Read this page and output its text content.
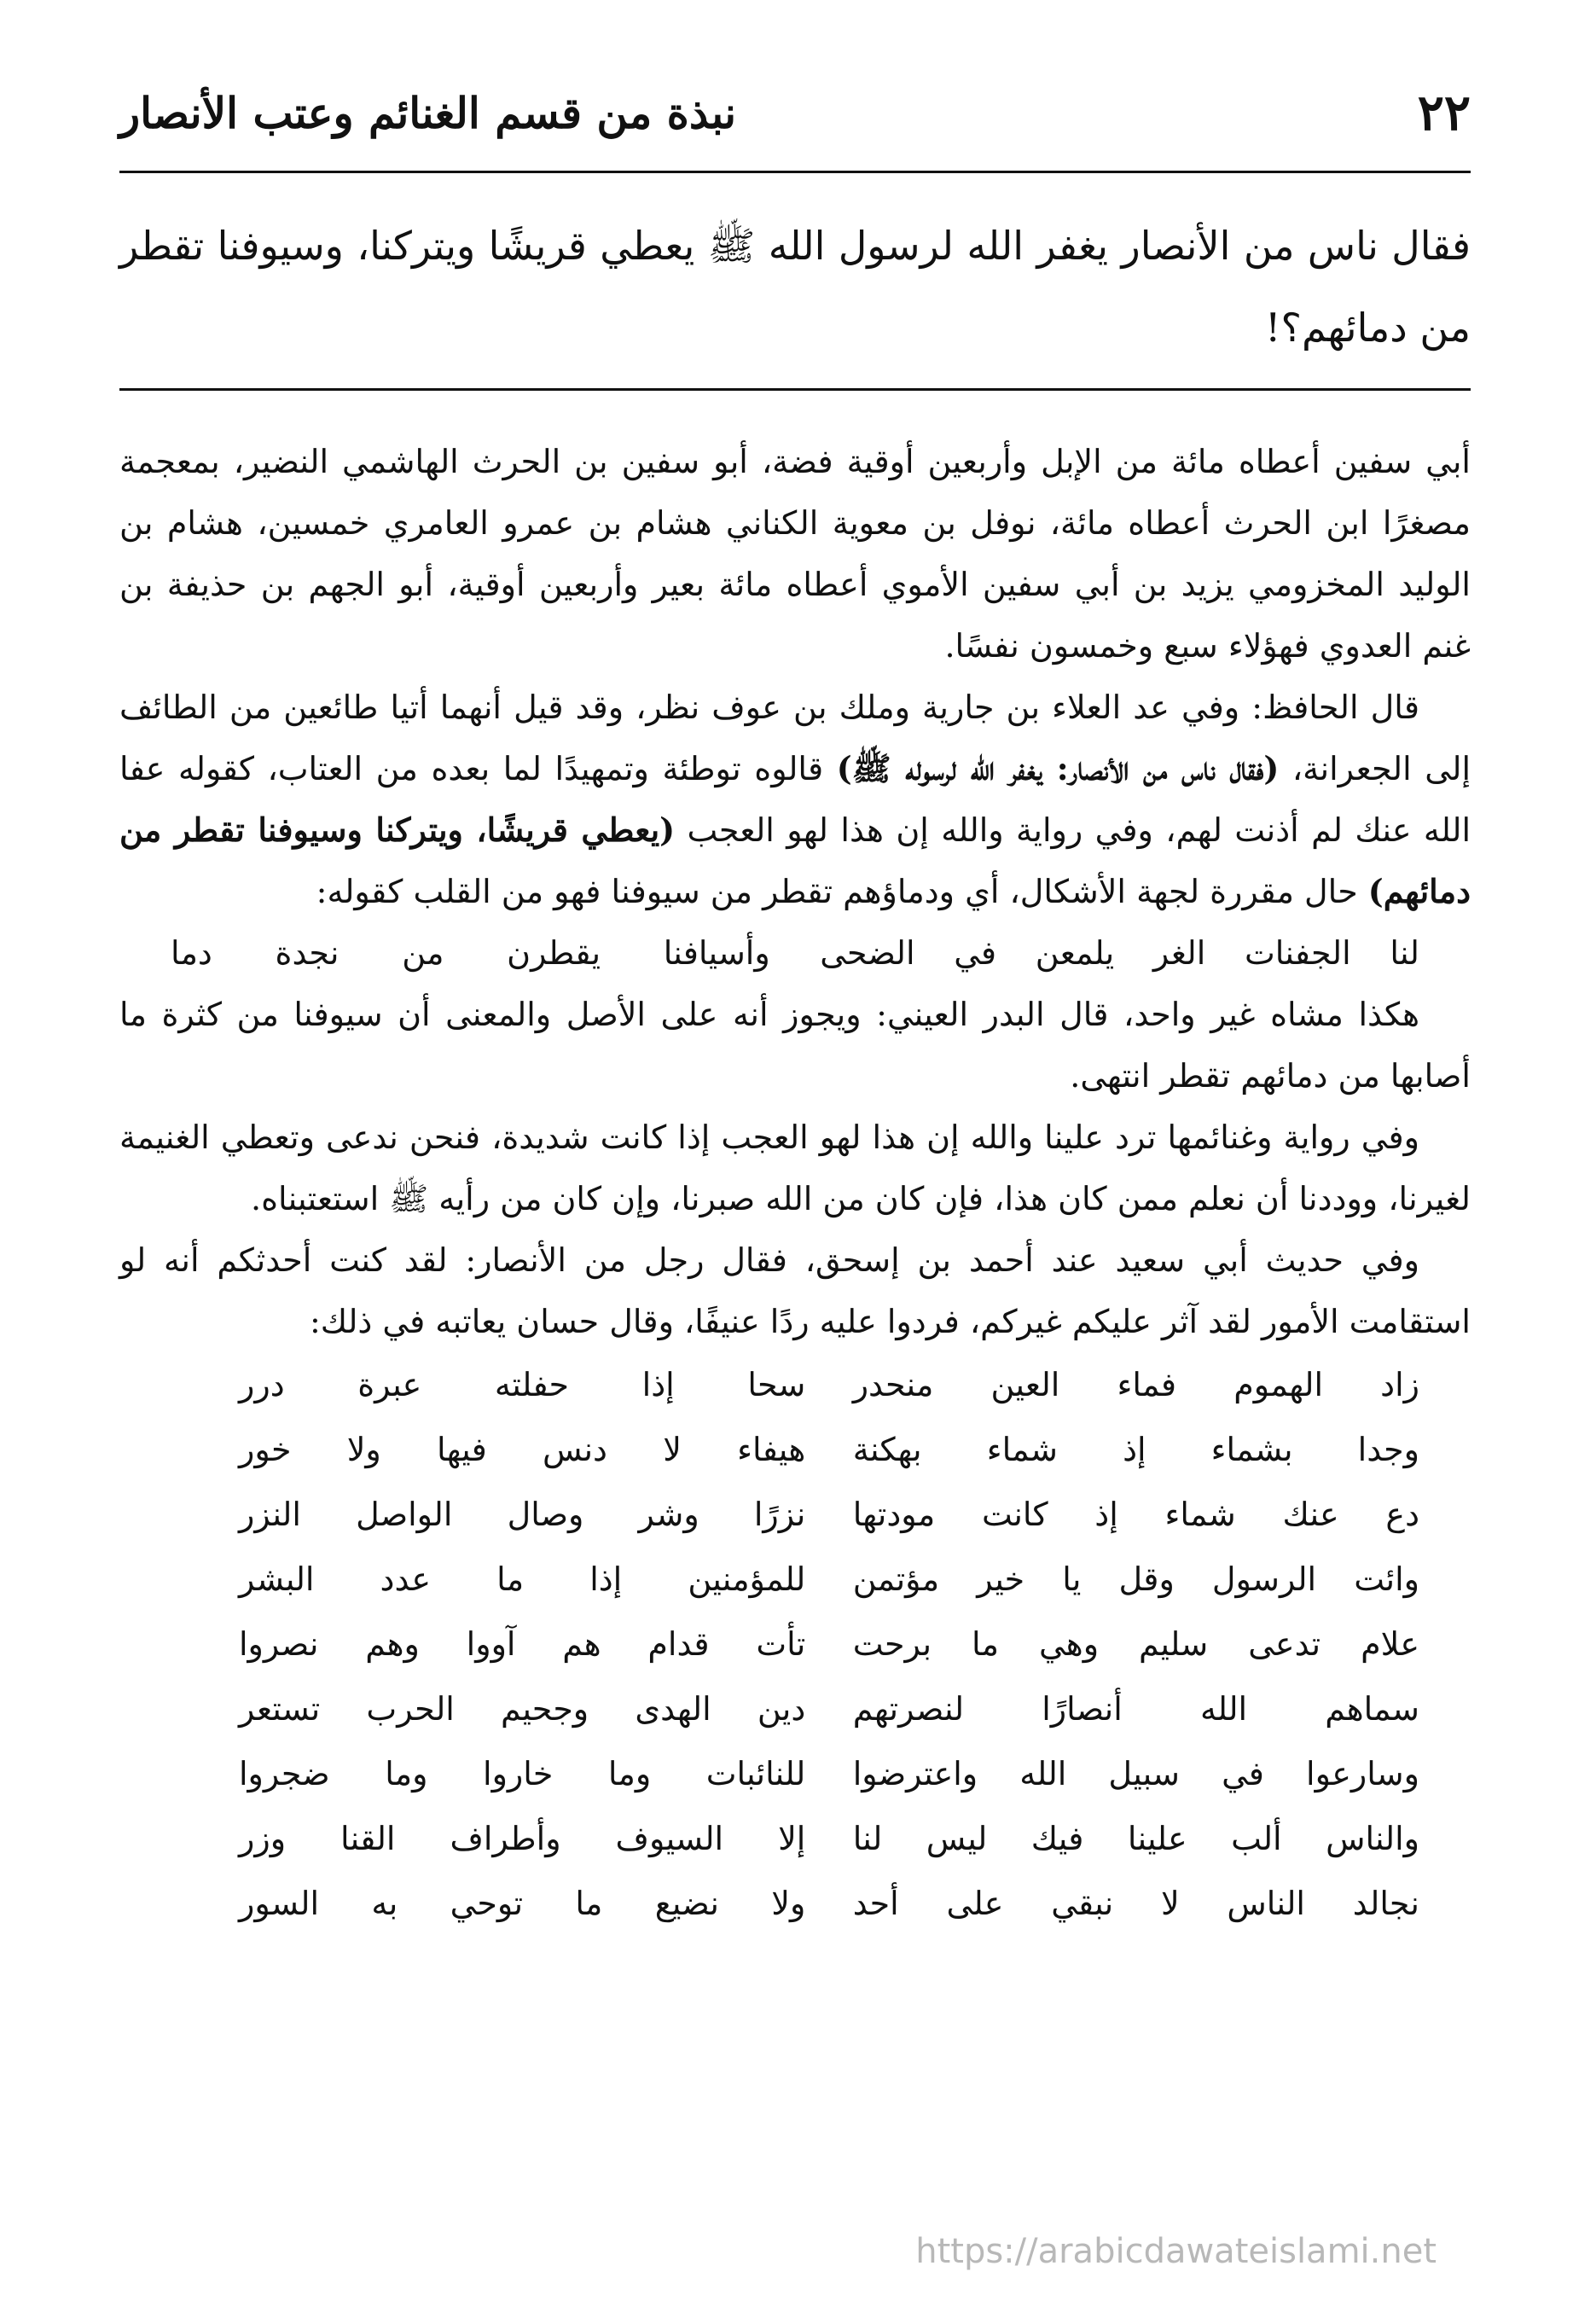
٢٢
نبذة من قسم الغنائم وعتب الأنصار
فقال ناس من الأنصار يغفر الله لرسول الله ﷺ يعطي قريشًا ويتركنا، وسيوفنا تقطر من دمائهم؟!

أبي سفين أعطاه مائة من الإبل وأربعين أوقية فضة، أبو سفين بن الحرث الهاشمي النضير، بمعجمة مصغرًا ابن الحرث أعطاه مائة، نوفل بن معوية الكناني هشام بن عمرو العامري خمسين، هشام بن الوليد المخزومي يزيد بن أبي سفين الأموي أعطاه مائة بعير وأربعين أوقية، أبو الجهم بن حذيفة بن غنم العدوي فهؤلاء سبع وخمسون نفسًا.

قال الحافظ: وفي عد العلاء بن جارية وملك بن عوف نظر، وقد قيل أنهما أتيا طائعين من الطائف إلى الجعرانة، (فقال ناس من الأنصار: يغفر الله لرسوله ﷺ) قالوه توطئة وتمهيدًا لما بعده من العتاب، كقوله عفا الله عنك لم أذنت لهم، وفي رواية والله إن هذا لهو العجب (يعطي قريشًا، ويتركنا وسيوفنا تقطر من دمائهم) حال مقررة لجهة الأشكال، أي ودماؤهم تقطر من سيوفنا فهو من القلب كقوله:

لنا الجفنات الغر يلمعن في الضحى
وأسيافنا يقطرن من نجدة دما

هكذا مشاه غير واحد، قال البدر العيني: ويجوز أنه على الأصل والمعنى أن سيوفنا من كثرة ما أصابها من دمائهم تقطر انتهى.

وفي رواية وغنائمها ترد علينا والله إن هذا لهو العجب إذا كانت شديدة، فنحن ندعى وتعطي الغنيمة لغيرنا، ووددنا أن نعلم ممن كان هذا، فإن كان من الله صبرنا، وإن كان من رأيه ﷺ استعتبناه.

وفي حديث أبي سعيد عند أحمد بن إسحق، فقال رجل من الأنصار: لقد كنت أحدثكم أنه لو استقامت الأمور لقد آثر عليكم غيركم، فردوا عليه ردًا عنيفًا، وقال حسان يعاتبه في ذلك:

زاد الهموم فماء العين منحدر
سحا إذا حفلته عبرة درر
وجدا بشماء إذ شماء بهكنة
هيفاء لا دنس فيها ولا خور
دع عنك شماء إذ كانت مودتها
نزرًا وشر وصال الواصل النزر
وائت الرسول وقل يا خير مؤتمن
للمؤمنين إذا ما عدد البشر
علام تدعى سليم وهي ما برحت
تأت قدام هم آووا وهم نصروا
سماهم الله أنصارًا لنصرتهم
دين الهدى وجحيم الحرب تستعر
وسارعوا في سبيل الله واعترضوا
للنائبات وما خاروا وما ضجروا
والناس ألب علينا فيك ليس لنا
إلا السيوف وأطراف القنا وزر
نجالد الناس لا نبقي على أحد
ولا نضيع ما توحي به السور
https://arabicdawateislami.net
